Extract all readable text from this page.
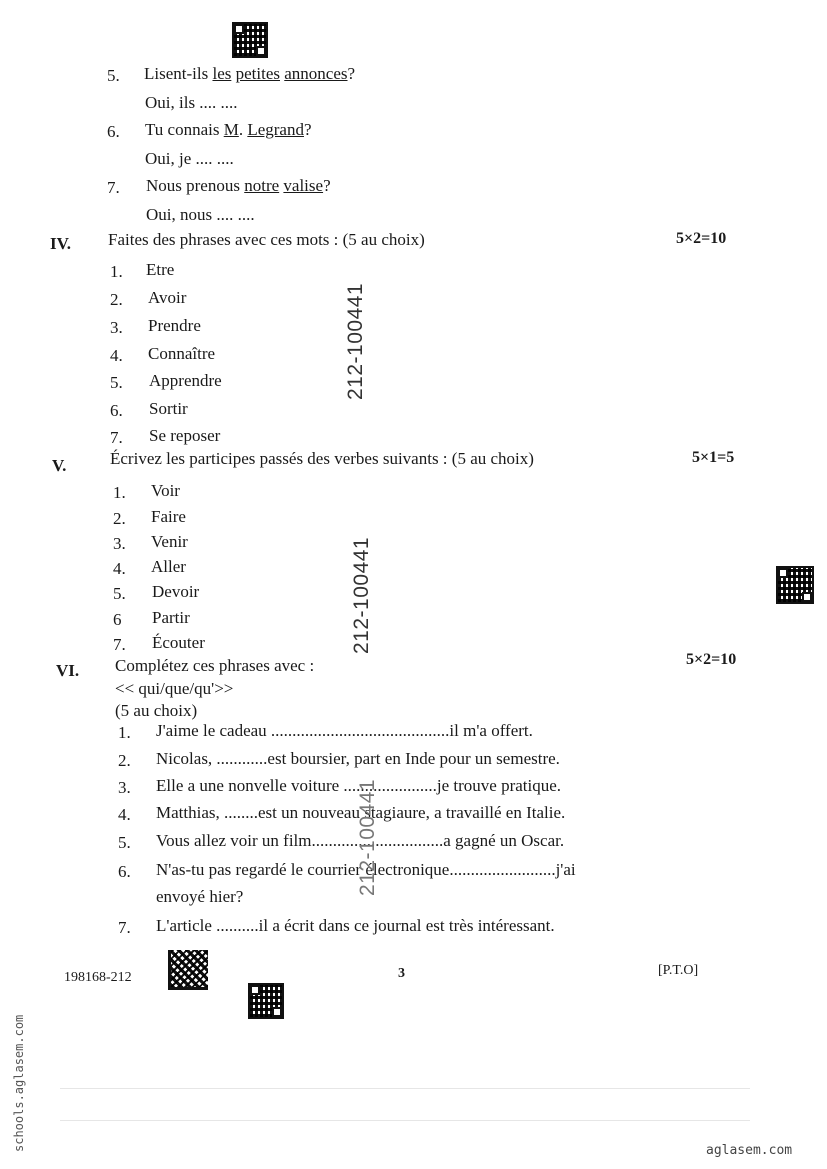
5. Lisent-ils les petites annonces?
Oui, ils .... ....
6. Tu connais M. Legrand?
Oui, je .... ....
7. Nous prenous notre valise?
Oui, nous .... ....
IV. Faites des phrases avec ces mots : (5 au choix)	5×2=10
1. Etre
2. Avoir
3. Prendre
4. Connaître
5. Apprendre
6. Sortir
7. Se reposer
V.	Écrivez les participes passés des verbes suivants : (5 au choix)	5×1=5
1. Voir
2. Faire
3. Venir
4. Aller
5. Devoir
6 Partir
7. Écouter
VI. Complétez ces phrases avec :	5×2=10
<< qui/que/qu'>>
(5 au choix)
1. J'aime le cadeau ..........................................il m'a offert.
2. Nicolas, ............est boursier, part en Inde pour un semestre.
3. Elle a une nonvelle voiture ......................je trouve pratique.
4. Matthias, ........est un nouveau stagiaure, a travaillé en Italie.
5. Vous allez voir un film...............................a gagné un Oscar.
6. N'as-tu pas regardé le courrier électronique.........................j'ai
envoyé hier?
7. L'article ..........il a écrit dans ce journal est très intéressant.
212-100441
212-100441
212-100441
198168-212	3	[P.T.O]
schools.aglasem.com	aglasem.com
